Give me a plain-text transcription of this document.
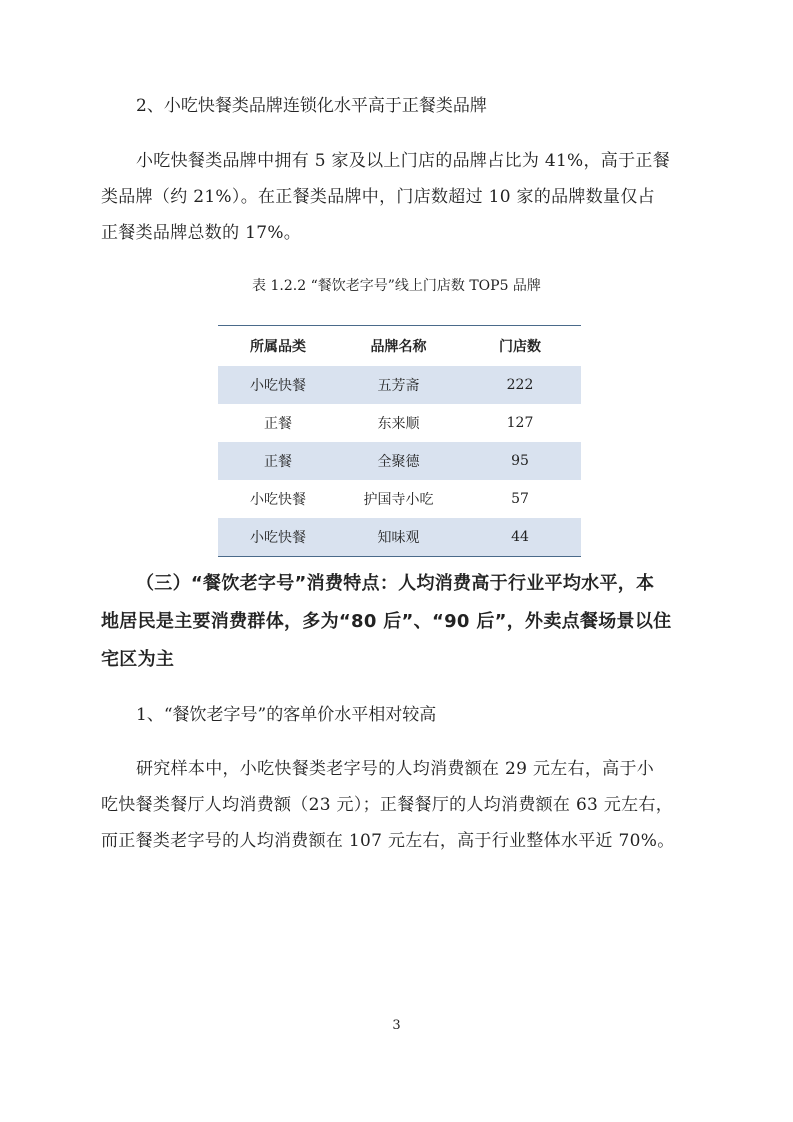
2、小吃快餐类品牌连锁化水平高于正餐类品牌
小吃快餐类品牌中拥有 5 家及以上门店的品牌占比为 41%，高于正餐
类品牌（约 21%）。在正餐类品牌中，门店数超过 10 家的品牌数量仅占
正餐类品牌总数的 17%。
表 1.2.2 “餐饮老字号”线上门店数 TOP5 品牌
所属品类	品牌名称	门店数
小吃快餐	五芳斋	222
正餐	东来顺	127
正餐	全聚德	95
小吃快餐	护国寺小吃	57
小吃快餐	知味观	44
（三）“餐饮老字号”消费特点：人均消费高于行业平均水平，本
地居民是主要消费群体，多为“80 后”、“90 后”，外卖点餐场景以住
宅区为主
1、“餐饮老字号”的客单价水平相对较高
研究样本中，小吃快餐类老字号的人均消费额在 29 元左右，高于小
吃快餐类餐厅人均消费额（23 元）；正餐餐厅的人均消费额在 63 元左右，
而正餐类老字号的人均消费额在 107 元左右，高于行业整体水平近 70%。
3
